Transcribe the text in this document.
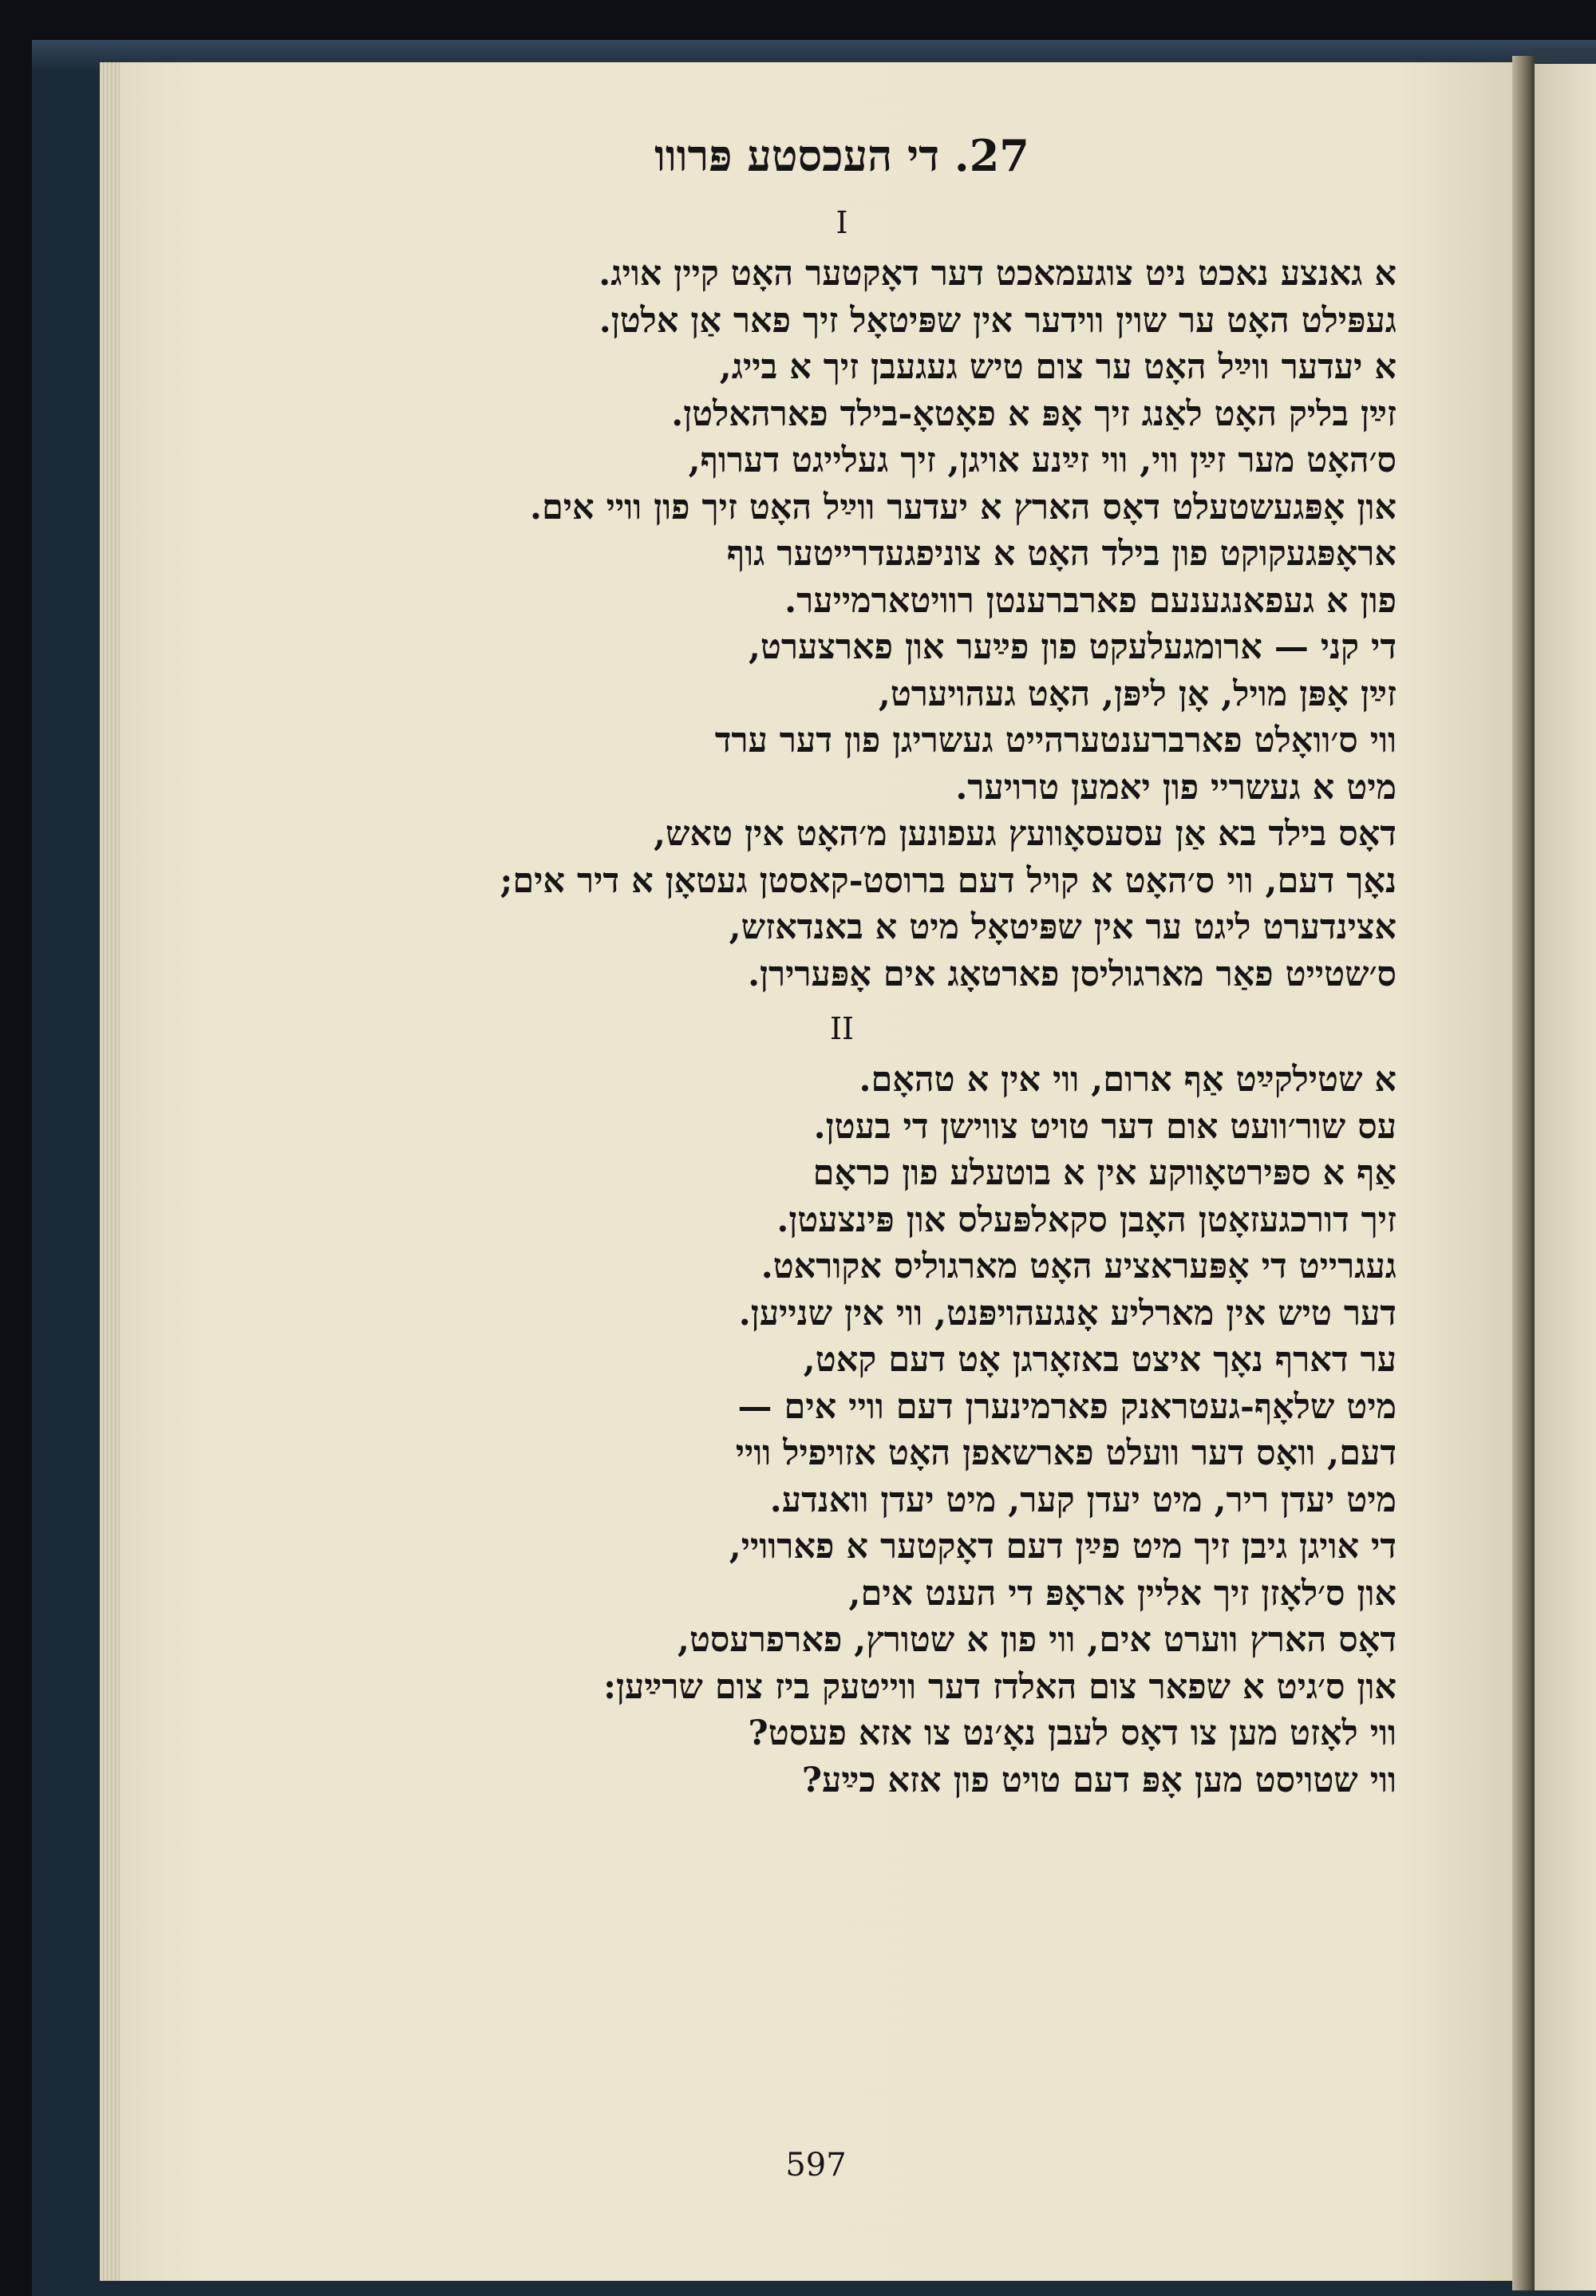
597
27. די העכסטע פּרווו
I
א גאנצע נאכט ניט צוגעמאכט דער דאָקטער האָט קיין אויג.
געפּילט האָט ער שוין ווידער אין שפּיטאָל זיך פאר אַן אלטן.
א יעדער ווײַל האָט ער צום טיש געגעבן זיך א בייג,
זײַן בליק האָט לאַנג זיך אָפּ א פאָטאָ-בילד פארהאלטן.
ס׳האָט מער זײַן ווי, ווי זײַנע אויגן, זיך געלייגט דערוף,
און אָפּגעשטעלט דאָס הארץ א יעדער ווײַל האָט זיך פון וויי אים.
אראָפּגעקוקט פון בילד האָט א צוניפגעדרייטער גוף
פון א געפאנגענעם פארברענטן רוויטארמייער.
די קני — ארומגעלעקט פון פײַער און פארצערט,
זײַן אָפּן מויל, אָן ליפּן, האָט געהויערט,
ווי ס׳וואָלט פארברענטערהייט געשריגן פון דער ערד
מיט א געשריי פון יאמען טרויער.
דאָס בילד בא אַן עסעסאָוועץ געפונען מ׳האָט אין טאש,
נאָך דעם, ווי ס׳האָט א קויל דעם ברוסט-קאסטן געטאָן א דיר אים;
אצינדערט ליגט ער אין שפּיטאָל מיט א באנדאזש,
ס׳שטייט פאַר מארגוליסן פארטאָג אים אָפּערירן.
II
א שטילקײַט אַף ארום, ווי אין א טהאָם.
עס שור׳וועט אום דער טויט צווישן די בעטן.
אַף א ספּירטאָווקע אין א בוטעלע פון כראָם
זיך דורכגעזאָטן האָבן סקאלפּעלס און פּינצעטן.
געגרייט די אָפּעראציע האָט מארגוליס אקוראט.
דער טיש אין מארליע אָנגעהויפּנט, ווי אין שנייען.
ער דארף נאָך איצט באזאָרגן אָט דעם קאט,
מיט שלאָף-געטראנק פארמינערן דעם וויי אים —
דעם, וואָס דער וועלט פארשאפן האָט אזויפיל וויי
מיט יעדן ריר, מיט יעדן קער, מיט יעדן וואנדע.
די אויגן גיבן זיך מיט פײַן דעם דאָקטער א פארוויי,
און ס׳לאָזן זיך אליין אראָפּ די הענט אים,
דאָס הארץ ווערט אים, ווי פון א שטורץ, פארפרעסט,
און ס׳גיט א שפאר צום האלדז דער ווייטעק ביז צום שרײַען:
ווי לאָזט מען צו דאָס לעבן נאָ׳נט צו אזא פעסט?
ווי שטויסט מען אָפּ דעם טויט פון אזא כײַע?
